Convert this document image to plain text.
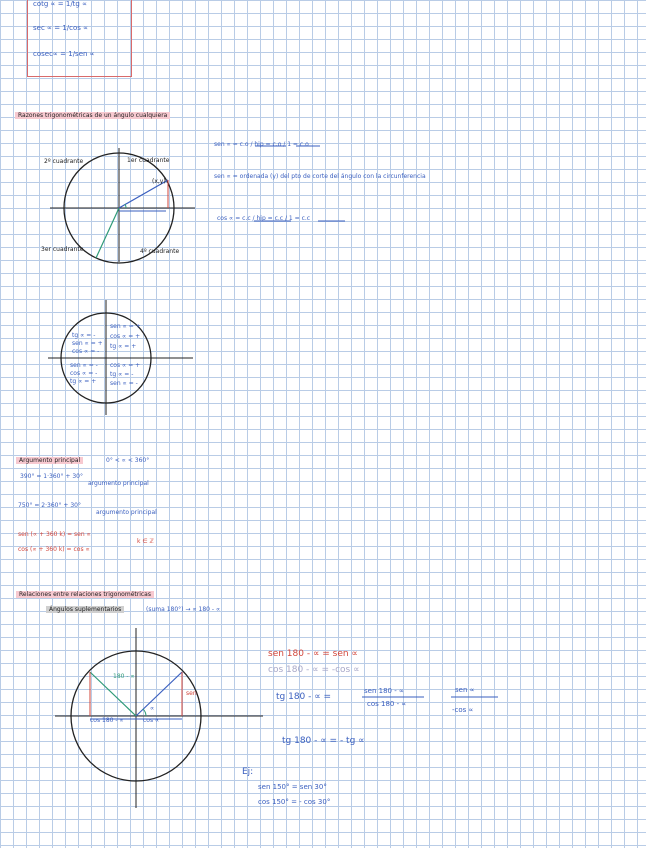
cotg ∝ = 1/tg ∝
sec ∝ = 1/cos ∝
cosec∝ = 1/sen ∝
Razones trigonométricas de un ángulo cualquiera
2º cuadrante	1er cuadrante
3er cuadrante	4º cuadrante
(x,y)
sen ∝ = c.o / hip = c.o / 1 = c.o
sen ∝ = ordenada (y) del pto de corte del ángulo con la circunferencia
cos ∝ = c.c / hip = c.c / 1 = c.c
tg ∝ = -
sen ∝ = +
cos ∝ = -
sen ∝ = +
cos ∝ = +
tg ∝ = +
sen ∝ = -
cos ∝ = -
tg ∝ = +
cos ∝ = +
tg ∝ = -
sen ∝ = -
Argumento principal	0° < ∝ < 360°
390° = 1·360° + 30°
argumento principal
750° = 2·360° + 30°
argumento principal
sen (∝ + 360 k) = sen ∝
cos (∝ + 360 k) = cos ∝
k ∈ ℤ
Relaciones entre relaciones trigonométricas
Ángulos suplementarios	(suma 180°) → ∝ 180 - ∝
180 - ∝
∝
sen
cos 180 - ∝	cos ∝
sen 180 - ∝ = sen ∝
cos 180 - ∝ = -cos ∝
tg 180 - ∝ =
sen 180 - ∝
cos 180 - ∝
sen ∝
-cos ∝
tg 180 - ∝ = - tg ∝
Ej:
sen 150° = sen 30°
cos 150° = - cos 30°
